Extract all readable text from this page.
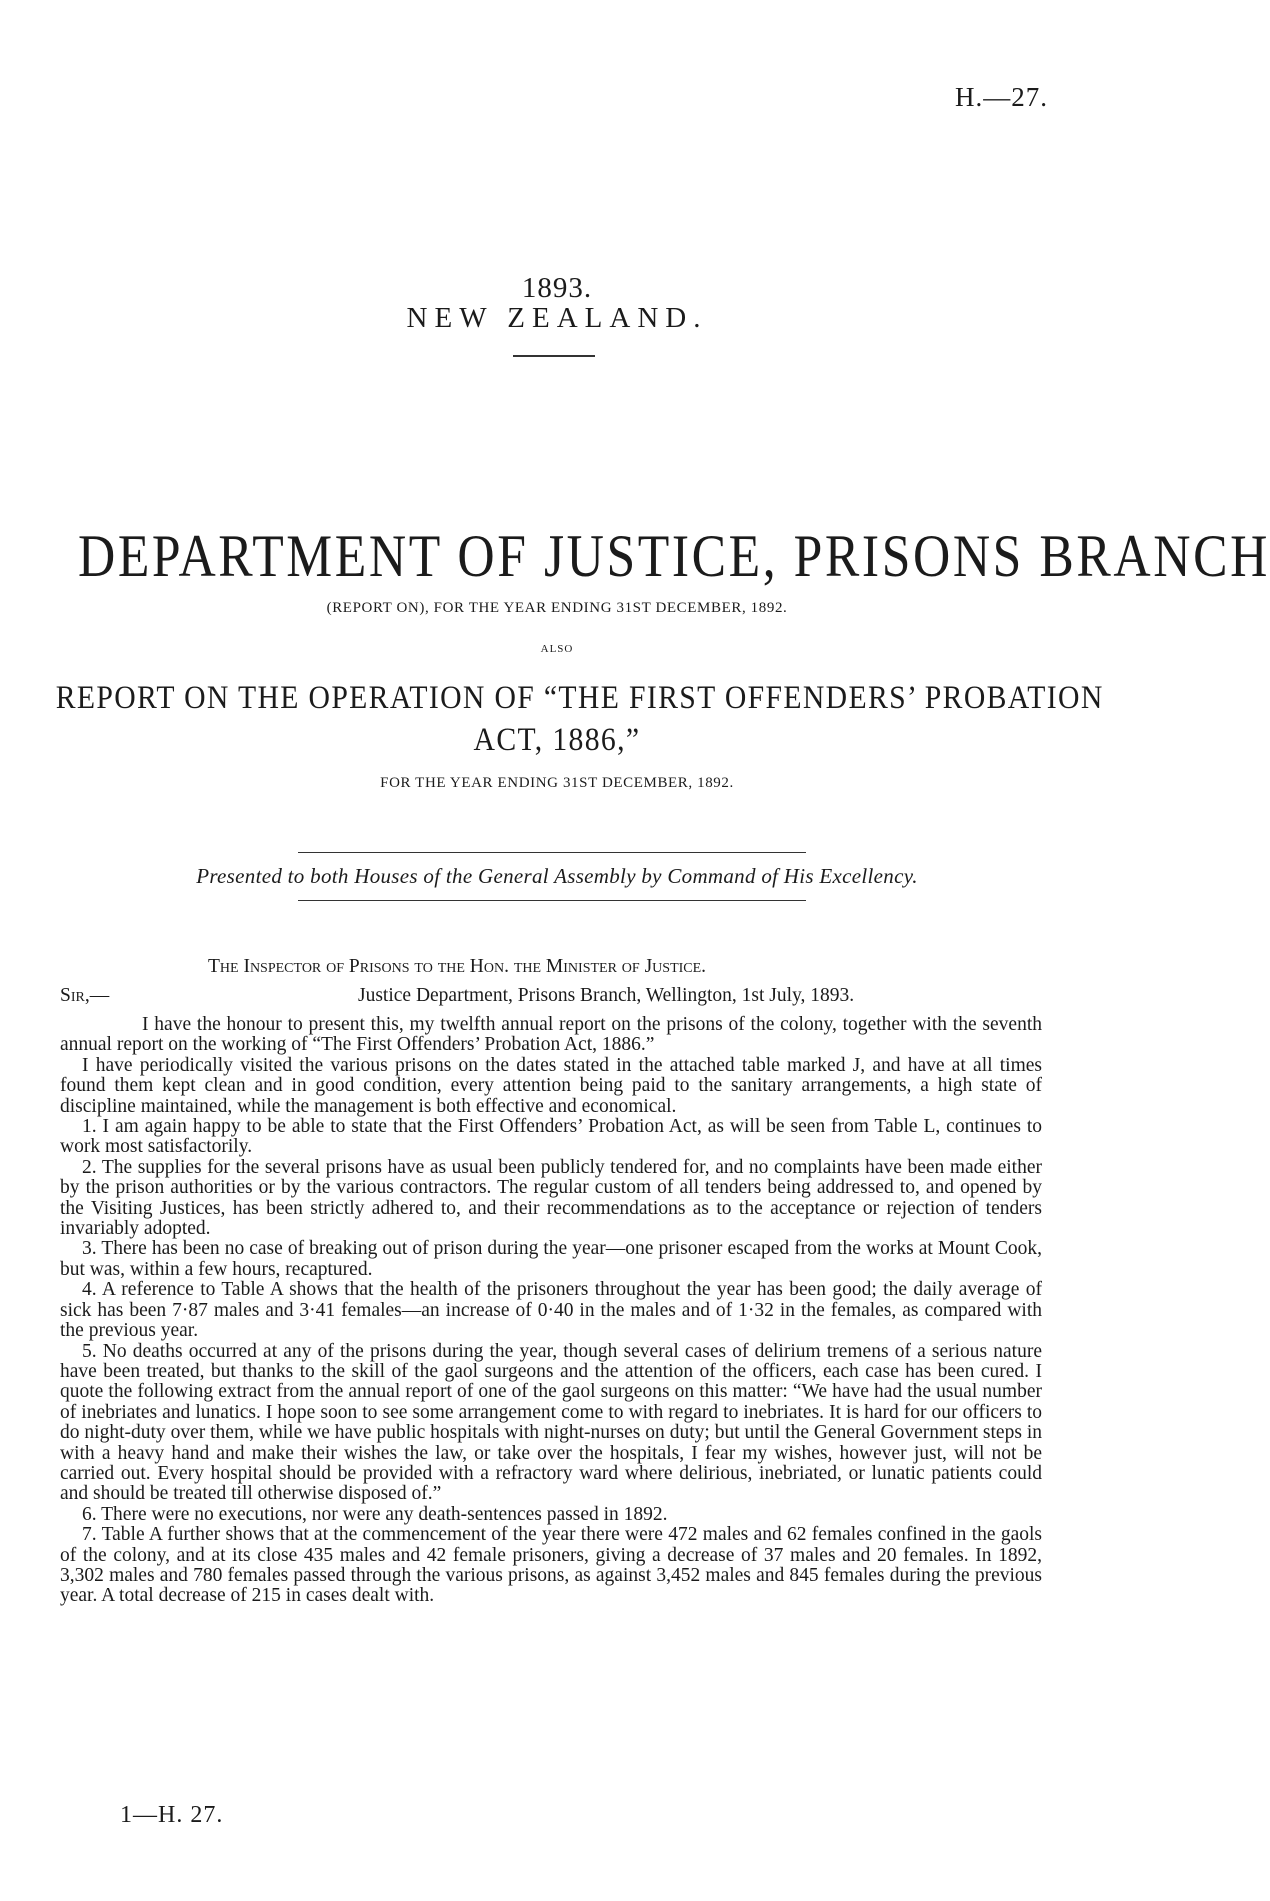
H.—27.
1893.
NEW ZEALAND.
DEPARTMENT OF JUSTICE, PRISONS BRANCH
(REPORT ON), FOR THE YEAR ENDING 31ST DECEMBER, 1892.
ALSO
REPORT ON THE OPERATION OF “THE FIRST OFFENDERS’ PROBATION
ACT, 1886,”
FOR THE YEAR ENDING 31ST DECEMBER, 1892.
Presented to both Houses of the General Assembly by Command of His Excellency.
The Inspector of Prisons to the Hon. the Minister of Justice.
Sir,—	Justice Department, Prisons Branch, Wellington, 1st July, 1893.

I have the honour to present this, my twelfth annual report on the prisons of the colony, together with the seventh annual report on the working of “The First Offenders’ Probation Act, 1886.”

I have periodically visited the various prisons on the dates stated in the attached table marked J, and have at all times found them kept clean and in good condition, every attention being paid to the sanitary arrangements, a high state of discipline maintained, while the management is both effective and economical.

1. I am again happy to be able to state that the First Offenders’ Probation Act, as will be seen from Table L, continues to work most satisfactorily.

2. The supplies for the several prisons have as usual been publicly tendered for, and no complaints have been made either by the prison authorities or by the various contractors. The regular custom of all tenders being addressed to, and opened by the Visiting Justices, has been strictly adhered to, and their recommendations as to the acceptance or rejection of tenders invariably adopted.

3. There has been no case of breaking out of prison during the year—one prisoner escaped from the works at Mount Cook, but was, within a few hours, recaptured.

4. A reference to Table A shows that the health of the prisoners throughout the year has been good; the daily average of sick has been 7·87 males and 3·41 females—an increase of 0·40 in the males and of 1·32 in the females, as compared with the previous year.

5. No deaths occurred at any of the prisons during the year, though several cases of delirium tremens of a serious nature have been treated, but thanks to the skill of the gaol surgeons and the attention of the officers, each case has been cured. I quote the following extract from the annual report of one of the gaol surgeons on this matter: “We have had the usual number of inebriates and lunatics. I hope soon to see some arrangement come to with regard to inebriates. It is hard for our officers to do night-duty over them, while we have public hospitals with night-nurses on duty; but until the General Government steps in with a heavy hand and make their wishes the law, or take over the hospitals, I fear my wishes, however just, will not be carried out. Every hospital should be provided with a refractory ward where delirious, inebriated, or lunatic patients could and should be treated till otherwise disposed of.”

6. There were no executions, nor were any death-sentences passed in 1892.

7. Table A further shows that at the commencement of the year there were 472 males and 62 females confined in the gaols of the colony, and at its close 435 males and 42 female prisoners, giving a decrease of 37 males and 20 females. In 1892, 3,302 males and 780 females passed through the various prisons, as against 3,452 males and 845 females during the previous year. A total decrease of 215 in cases dealt with.

1—H. 27.
